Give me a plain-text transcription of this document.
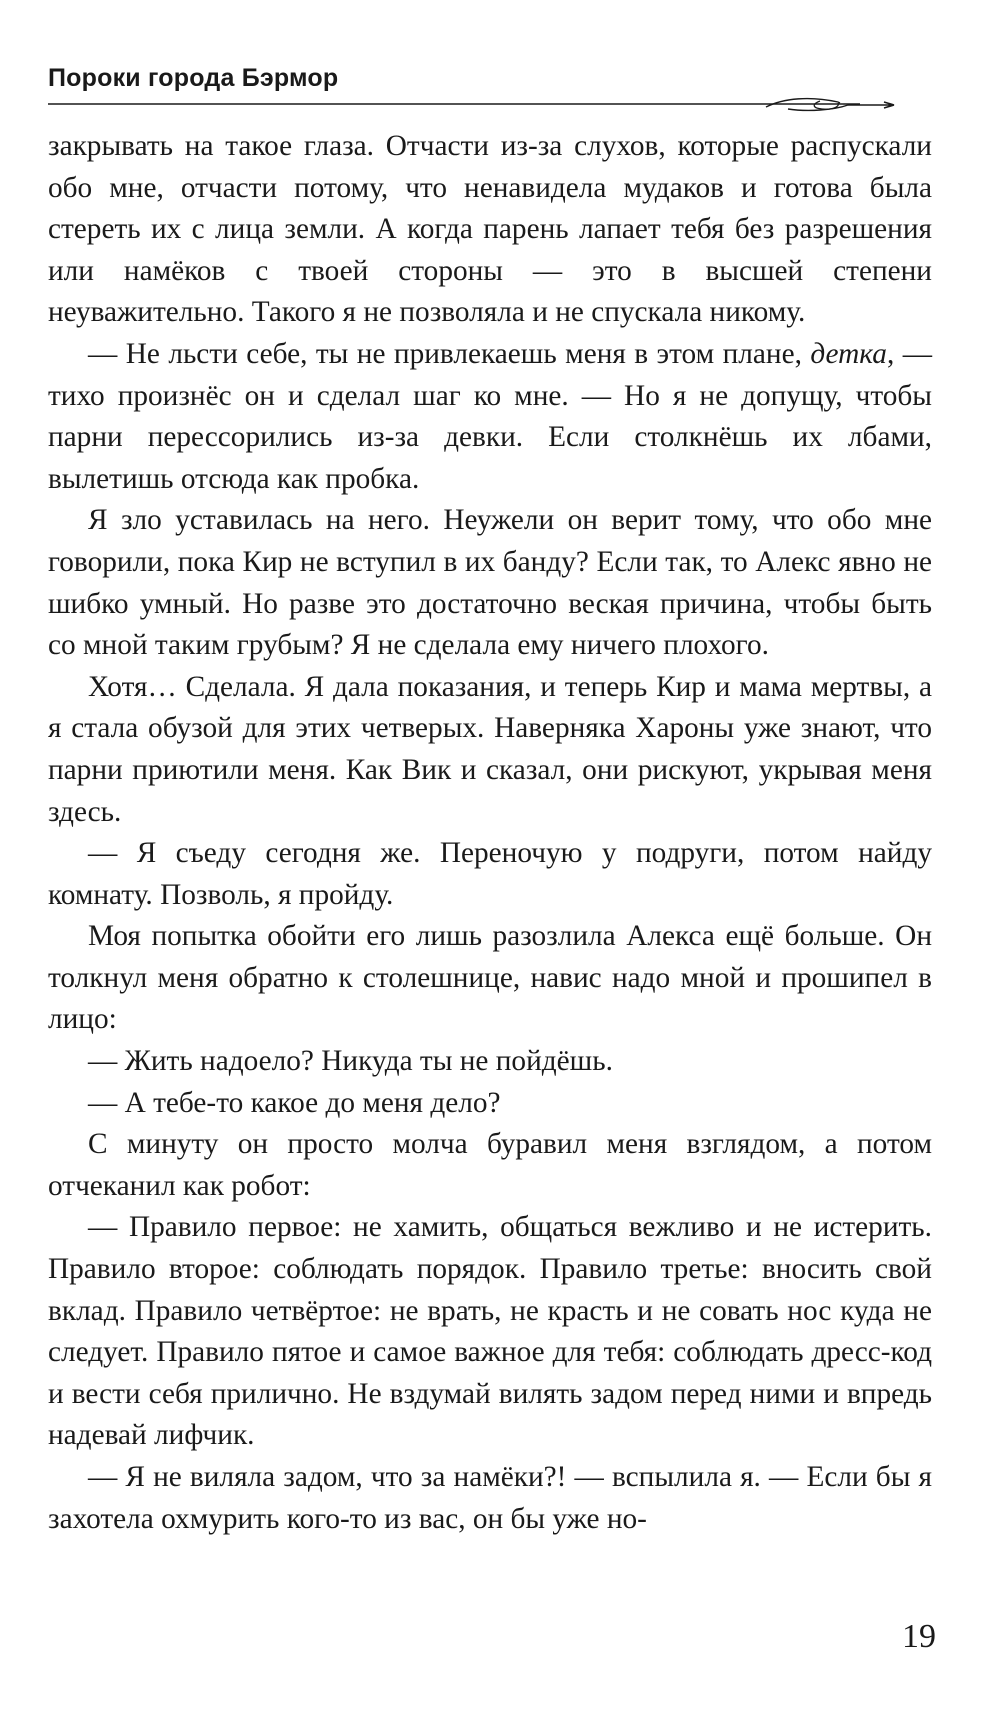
Пороки города Бэрмор

закрывать на такое глаза. Отчасти из-за слухов, которые распускали обо мне, отчасти потому, что ненавидела мудаков и готова была стереть их с лица земли. А когда парень лапает тебя без разрешения или намёков с твоей стороны — это в высшей степени неуважительно. Такого я не позволяла и не спускала никому.

— Не льсти себе, ты не привлекаешь меня в этом плане, детка, — тихо произнёс он и сделал шаг ко мне. — Но я не допущу, чтобы парни перессорились из-за девки. Если столкнёшь их лбами, вылетишь отсюда как пробка.

Я зло уставилась на него. Неужели он верит тому, что обо мне говорили, пока Кир не вступил в их банду? Если так, то Алекс явно не шибко умный. Но разве это достаточно веская причина, чтобы быть со мной таким грубым? Я не сделала ему ничего плохого.

Хотя… Сделала. Я дала показания, и теперь Кир и мама мертвы, а я стала обузой для этих четверых. Наверняка Хароны уже знают, что парни приютили меня. Как Вик и сказал, они рискуют, укрывая меня здесь.

— Я съеду сегодня же. Переночую у подруги, потом найду комнату. Позволь, я пройду.

Моя попытка обойти его лишь разозлила Алекса ещё больше. Он толкнул меня обратно к столешнице, навис надо мной и прошипел в лицо:

— Жить надоело? Никуда ты не пойдёшь.

— А тебе-то какое до меня дело?

С минуту он просто молча буравил меня взглядом, а потом отчеканил как робот:

— Правило первое: не хамить, общаться вежливо и не истерить. Правило второе: соблюдать порядок. Правило третье: вносить свой вклад. Правило четвёртое: не врать, не красть и не совать нос куда не следует. Правило пятое и самое важное для тебя: соблюдать дресс-код и вести себя прилично. Не вздумай вилять задом перед ними и впредь надевай лифчик.

— Я не виляла задом, что за намёки?! — вспылила я. — Если бы я захотела охмурить кого-то из вас, он бы уже но-

19
